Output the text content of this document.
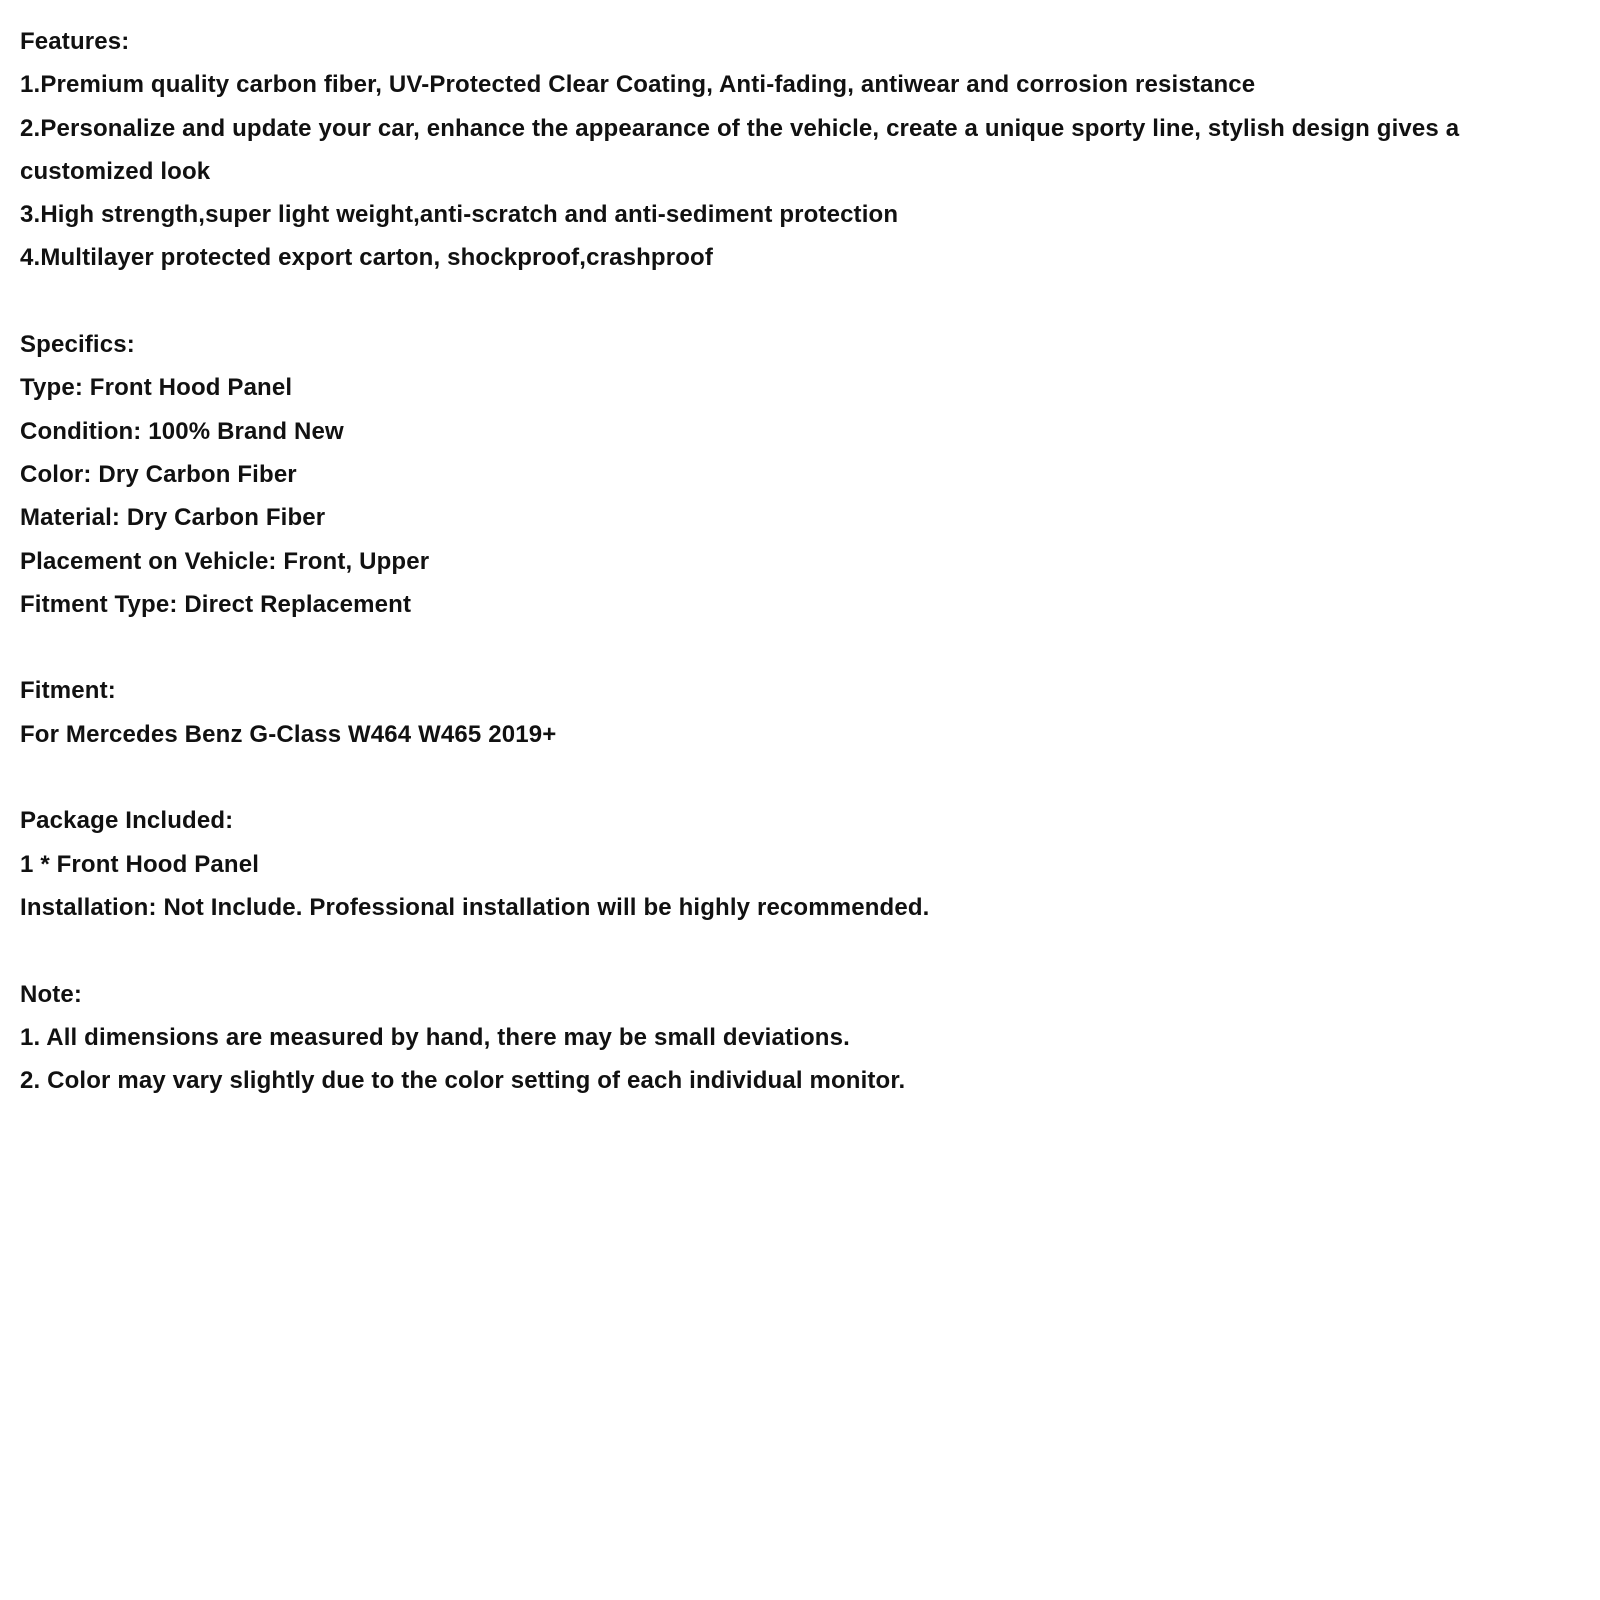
Features:
1.Premium quality carbon fiber, UV-Protected Clear Coating, Anti-fading, antiwear and corrosion resistance
2.Personalize and update your car, enhance the appearance of the vehicle, create a unique sporty line, stylish design gives a customized look
3.High strength,super light weight,anti-scratch and anti-sediment protection
4.Multilayer protected export carton, shockproof,crashproof
Specifics:
Type: Front Hood Panel
Condition: 100% Brand New
Color: Dry Carbon Fiber
Material: Dry Carbon Fiber
Placement on Vehicle: Front, Upper
Fitment Type: Direct Replacement
Fitment:
For Mercedes Benz G-Class W464 W465 2019+
Package Included:
1 * Front Hood Panel
Installation: Not Include. Professional installation will be highly recommended.
Note:
1. All dimensions are measured by hand, there may be small deviations.
2. Color may vary slightly due to the color setting of each individual monitor.
